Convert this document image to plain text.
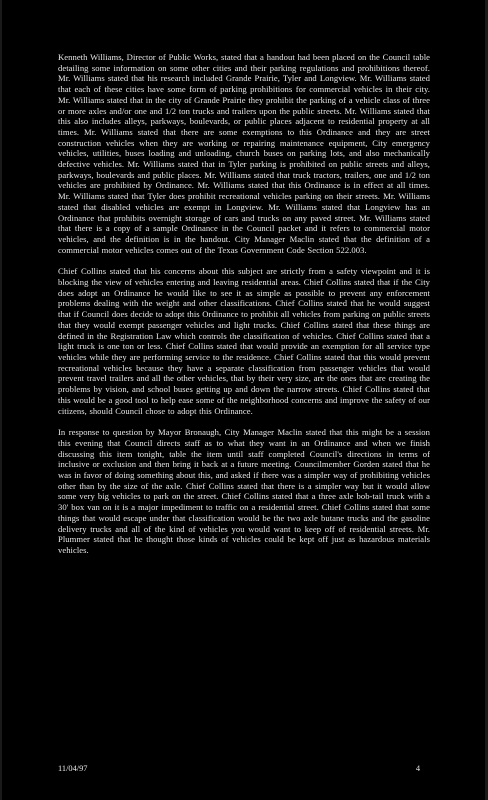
Kenneth Williams, Director of Public Works, stated that a handout had been placed on the Council table detailing some information on some other cities and their parking regulations and prohibitions thereof. Mr. Williams stated that his research included Grande Prairie, Tyler and Longview. Mr. Williams stated that each of these cities have some form of parking prohibitions for commercial vehicles in their city. Mr. Williams stated that in the city of Grande Prairie they prohibit the parking of a vehicle class of three or more axles and/or one and 1/2 ton trucks and trailers upon the public streets. Mr. Williams stated that this also includes alleys, parkways, boulevards, or public places adjacent to residential property at all times. Mr. Williams stated that there are some exemptions to this Ordinance and they are street construction vehicles when they are working or repairing maintenance equipment, City emergency vehicles, utilities, buses loading and unloading, church buses on parking lots, and also mechanically defective vehicles. Mr. Williams stated that in Tyler parking is prohibited on public streets and alleys, parkways, boulevards and public places. Mr. Williams stated that truck tractors, trailers, one and 1/2 ton vehicles are prohibited by Ordinance. Mr. Williams stated that this Ordinance is in effect at all times. Mr. Williams stated that Tyler does prohibit recreational vehicles parking on their streets. Mr. Williams stated that disabled vehicles are exempt in Longview. Mr. Williams stated that Longview has an Ordinance that prohibits overnight storage of cars and trucks on any paved street. Mr. Williams stated that there is a copy of a sample Ordinance in the Council packet and it refers to commercial motor vehicles, and the definition is in the handout. City Manager Maclin stated that the definition of a commercial motor vehicles comes out of the Texas Government Code Section 522.003.

Chief Collins stated that his concerns about this subject are strictly from a safety viewpoint and it is blocking the view of vehicles entering and leaving residential areas. Chief Collins stated that if the City does adopt an Ordinance he would like to see it as simple as possible to prevent any enforcement problems dealing with the weight and other classifications. Chief Collins stated that he would suggest that if Council does decide to adopt this Ordinance to prohibit all vehicles from parking on public streets that they would exempt passenger vehicles and light trucks. Chief Collins stated that these things are defined in the Registration Law which controls the classification of vehicles. Chief Collins stated that a light truck is one ton or less. Chief Collins stated that would provide an exemption for all service type vehicles while they are performing service to the residence. Chief Collins stated that this would prevent recreational vehicles because they have a separate classification from passenger vehicles that would prevent travel trailers and all the other vehicles, that by their very size, are the ones that are creating the problems by vision, and school buses getting up and down the narrow streets. Chief Collins stated that this would be a good tool to help ease some of the neighborhood concerns and improve the safety of our citizens, should Council chose to adopt this Ordinance.

In response to question by Mayor Bronaugh, City Manager Maclin stated that this might be a session this evening that Council directs staff as to what they want in an Ordinance and when we finish discussing this item tonight, table the item until staff completed Council's directions in terms of inclusive or exclusion and then bring it back at a future meeting. Councilmember Gorden stated that he was in favor of doing something about this, and asked if there was a simpler way of prohibiting vehicles other than by the size of the axle. Chief Collins stated that there is a simpler way but it would allow some very big vehicles to park on the street. Chief Collins stated that a three axle bob-tail truck with a 30' box van on it is a major impediment to traffic on a residential street. Chief Collins stated that some things that would escape under that classification would be the two axle butane trucks and the gasoline delivery trucks and all of the kind of vehicles you would want to keep off of residential streets. Mr. Plummer stated that he thought those kinds of vehicles could be kept off just as hazardous materials vehicles.

11/04/97	4
